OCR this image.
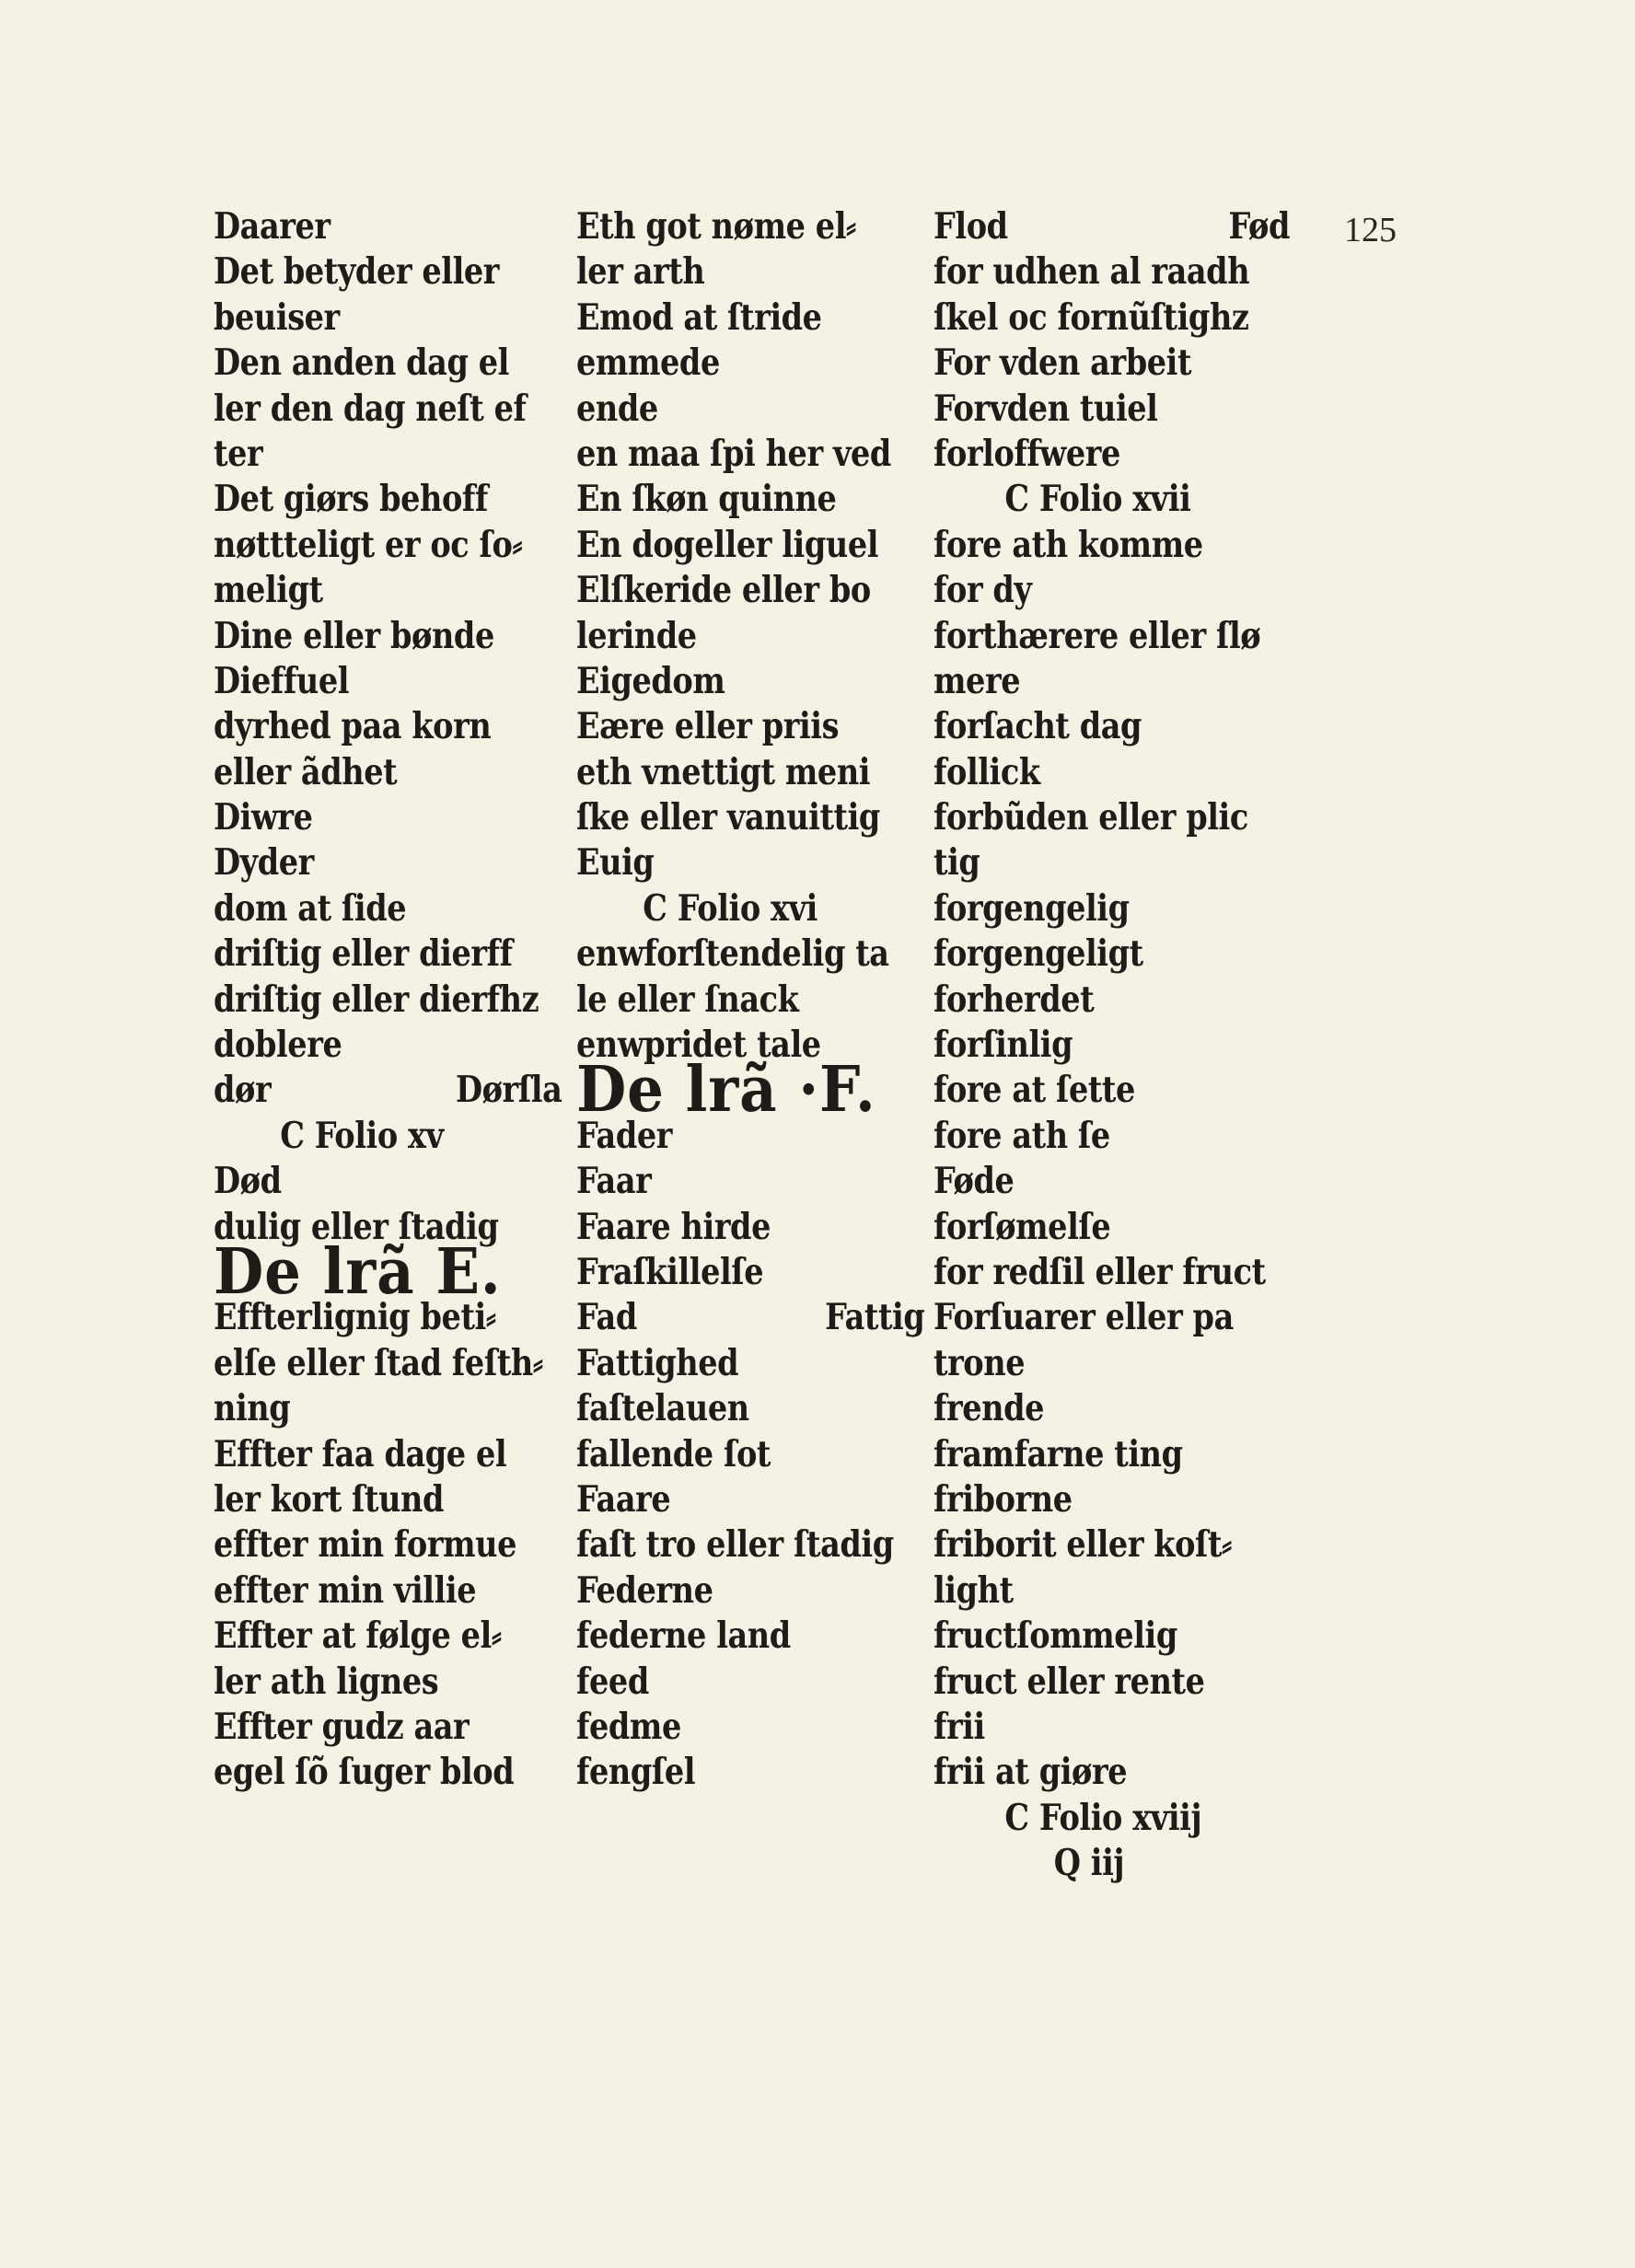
125
Daarer
Det betyder eller
beuiser
Den anden dag el
ler den dag neſt ef
ter
Det giørs behoff
nøttteligt er oc ſo⸗
meligt
Dine eller bønde
Dieffuel
dyrhed paa korn
eller ãdhet
Diwre
Dyder
dom at ſide
driſtig eller dierff
driſtig eller dierfhz
doblere
dør	Dørſla
C Folio xv
Død
dulig eller ſtadig
De lrã E.
Effterlignig beti⸗
elſe eller ſtad feſth⸗
ning
Effter faa dage el
ler kort ſtund
effter min formue
effter min villie
Effter at følge el⸗
ler ath lignes
Effter gudz aar
egel ſõ ſuger blod
Eth got nøme el⸗
ler arth
Emod at ſtride
emmede
ende
en maa ſpi her ved
En ſkøn quinne
En dogeller liguel
Elſkeride eller bo
lerinde
Eigedom
Eære eller priis
eth vnettigt meni
ſke eller vanuittig
Euig
C Folio xvi
enwforſtendelig ta
le eller ſnack
enwpridet tale
De lrã ·F.
Fader
Faar
Faare hirde
Fraſkillelſe
Fad	Fattig
Fattighed
faſtelauen
fallende ſot
Faare
faſt tro eller ſtadig
Federne
federne land
feed
fedme
fengſel
Flod	Fød
for udhen al raadh
ſkel oc fornũſtighz
For vden arbeit
Forvden tuiel
forloffwere
C Folio xvii
fore ath komme
for dy
forthærere eller ſlø
mere
forſacht dag
follick
forbũden eller plic
tig
forgengelig
forgengeligt
forherdet
forſinlig
fore at ſette
fore ath ſe
Føde
forſømelſe
for redſil eller fruct
Forſuarer eller pa
trone
frende
framfarne ting
friborne
friborit eller koſt⸗
light
fructſommelig
fruct eller rente
frii
frii at giøre
C Folio xviij
Q iij
